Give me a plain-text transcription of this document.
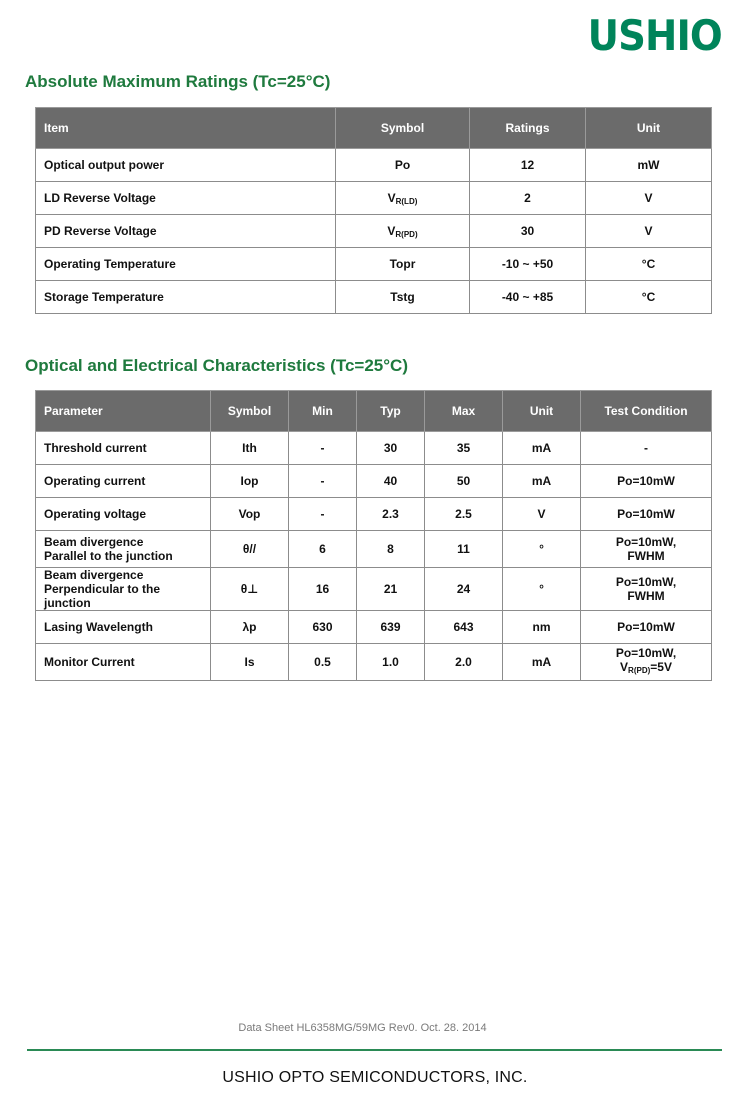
USHIO
Absolute Maximum Ratings (Tc=25°C)
Item	Symbol	Ratings	Unit
Optical output power	Po	12	mW
LD Reverse Voltage	$V_{R(LD)}$	2	V
PD Reverse Voltage	$V_{R(PD)}$	30	V
Operating Temperature	Topr	-10 ~ +50	°C
Storage Temperature	Tstg	-40 ~ +85	°C
Optical and Electrical Characteristics (Tc=25°C)
Parameter	Symbol	Min	Typ	Max	Unit	Test Condition
Threshold current	Ith	-	30	35	mA	-
Operating current	Iop	-	40	50	mA	Po=10mW
Operating voltage	Vop	-	2.3	2.5	V	Po=10mW
Beam divergence
Parallel to the junction	θ//	6	8	11	°	Po=10mW,
FWHM
Beam divergence
Perpendicular to the junction	θ⊥	16	21	24	°	Po=10mW,
FWHM
Lasing Wavelength	λp	630	639	643	nm	Po=10mW
Monitor Current	Is	0.5	1.0	2.0	mA	Po=10mW,
$V_{R(PD)}=5V$
Data Sheet HL6358MG/59MG Rev0. Oct. 28. 2014
USHIO OPTO SEMICONDUCTORS, INC.
